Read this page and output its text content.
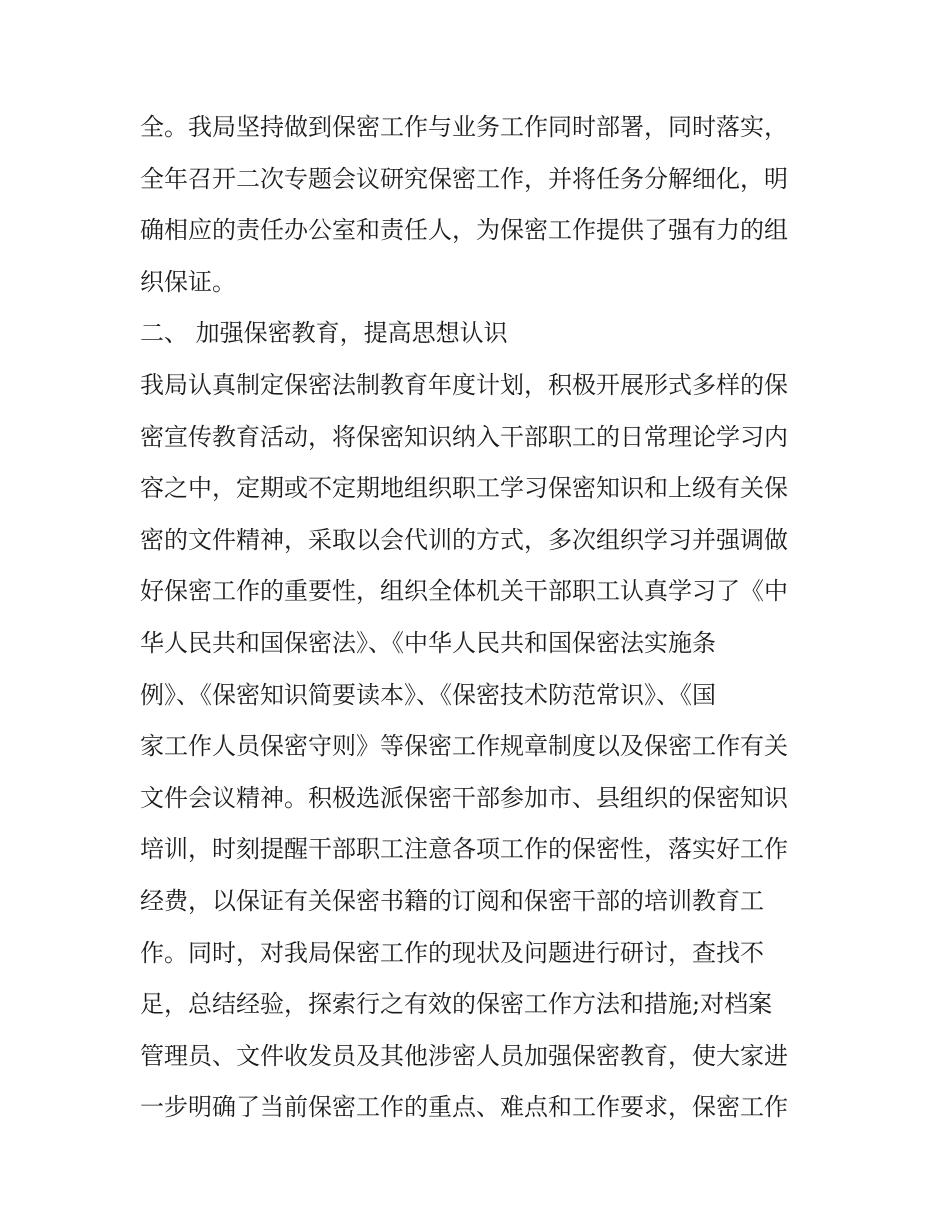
全。我局坚持做到保密工作与业务工作同时部署，同时落实，
全年召开二次专题会议研究保密工作，并将任务分解细化，明
确相应的责任办公室和责任人，为保密工作提供了强有力的组
织保证。
二、 加强保密教育，提高思想认识
我局认真制定保密法制教育年度计划，积极开展形式多样的保
密宣传教育活动，将保密知识纳入干部职工的日常理论学习内
容之中，定期或不定期地组织职工学习保密知识和上级有关保
密的文件精神，采取以会代训的方式，多次组织学习并强调做
好保密工作的重要性，组织全体机关干部职工认真学习了《中
华人民共和国保密法》、《中华人民共和国保密法实施条
例》、《保密知识简要读本》、《保密技术防范常识》、《国
家工作人员保密守则》等保密工作规章制度以及保密工作有关
文件会议精神。积极选派保密干部参加市、县组织的保密知识
培训，时刻提醒干部职工注意各项工作的保密性，落实好工作
经费，以保证有关保密书籍的订阅和保密干部的培训教育工
作。同时，对我局保密工作的现状及问题进行研讨，查找不
足，总结经验，探索行之有效的保密工作方法和措施;对档案
管理员、文件收发员及其他涉密人员加强保密教育，使大家进
一步明确了当前保密工作的重点、难点和工作要求，保密工作
